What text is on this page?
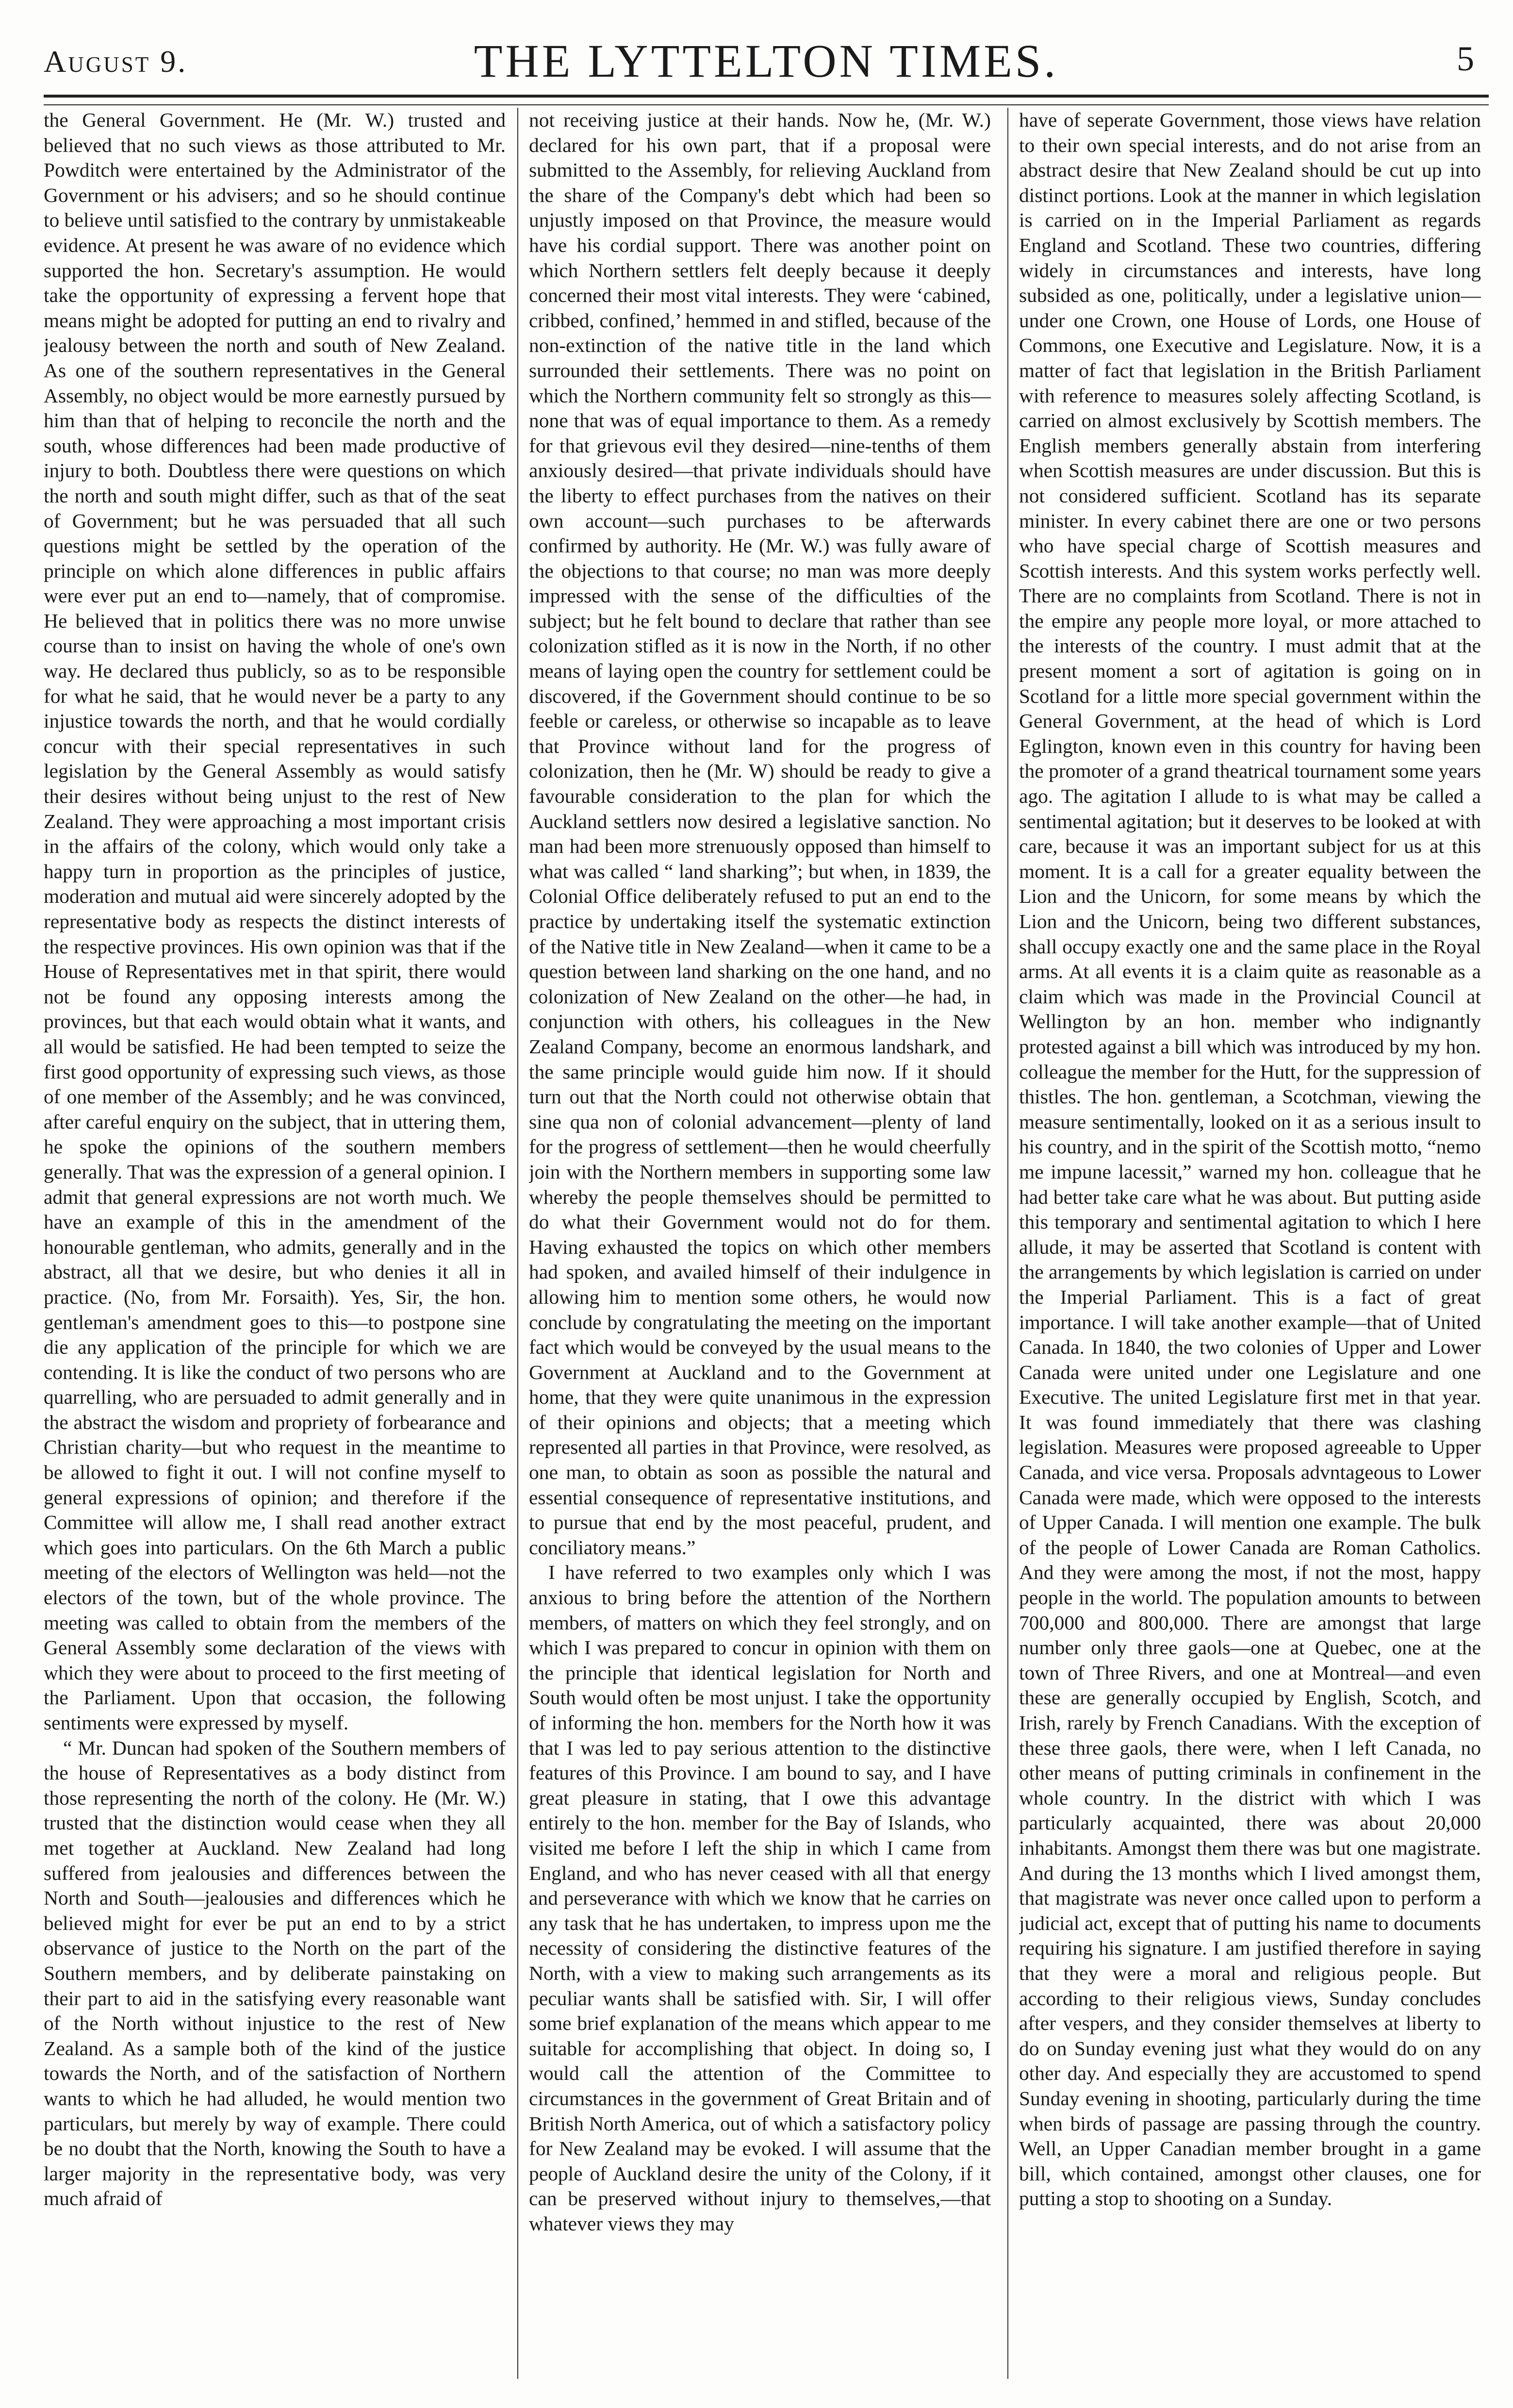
August 9.	THE LYTTELTON TIMES.	5

the General Government. He (Mr. W.) trusted and believed that no such views as those attributed to Mr. Powditch were entertained by the Administrator of the Government or his advisers; and so he should continue to believe until satisfied to the contrary by unmistakeable evidence. At present he was aware of no evidence which supported the hon. Secretary's assumption. He would take the opportunity of expressing a fervent hope that means might be adopted for putting an end to rivalry and jealousy between the north and south of New Zealand. As one of the southern representatives in the General Assembly, no object would be more earnestly pursued by him than that of helping to reconcile the north and the south, whose differences had been made productive of injury to both. Doubtless there were questions on which the north and south might differ, such as that of the seat of Government; but he was persuaded that all such questions might be settled by the operation of the principle on which alone differences in public affairs were ever put an end to—namely, that of compromise. He believed that in politics there was no more unwise course than to insist on having the whole of one's own way. He declared thus publicly, so as to be responsible for what he said, that he would never be a party to any injustice towards the north, and that he would cordially concur with their special representatives in such legislation by the General Assembly as would satisfy their desires without being unjust to the rest of New Zealand. They were approaching a most important crisis in the affairs of the colony, which would only take a happy turn in proportion as the principles of justice, moderation and mutual aid were sincerely adopted by the representative body as respects the distinct interests of the respective provinces. His own opinion was that if the House of Representatives met in that spirit, there would not be found any opposing interests among the provinces, but that each would obtain what it wants, and all would be satisfied. He had been tempted to seize the first good opportunity of expressing such views, as those of one member of the Assembly; and he was convinced, after careful enquiry on the subject, that in uttering them, he spoke the opinions of the southern members generally. That was the expression of a general opinion. I admit that general expressions are not worth much. We have an example of this in the amendment of the honourable gentleman, who admits, generally and in the abstract, all that we desire, but who denies it all in practice. (No, from Mr. Forsaith). Yes, Sir, the hon. gentleman's amendment goes to this—to postpone sine die any application of the principle for which we are contending. It is like the conduct of two persons who are quarrelling, who are persuaded to admit generally and in the abstract the wisdom and propriety of forbearance and Christian charity—but who request in the meantime to be allowed to fight it out. I will not confine myself to general expressions of opinion; and therefore if the Committee will allow me, I shall read another extract which goes into particulars. On the 6th March a public meeting of the electors of Wellington was held—not the electors of the town, but of the whole province. The meeting was called to obtain from the members of the General Assembly some declaration of the views with which they were about to proceed to the first meeting of the Parliament. Upon that occasion, the following sentiments were expressed by myself.

“ Mr. Duncan had spoken of the Southern members of the house of Representatives as a body distinct from those representing the north of the colony. He (Mr. W.) trusted that the distinction would cease when they all met together at Auckland. New Zealand had long suffered from jealousies and differences between the North and South—jealousies and differences which he believed might for ever be put an end to by a strict observance of justice to the North on the part of the Southern members, and by deliberate painstaking on their part to aid in the satisfying every reasonable want of the North without injustice to the rest of New Zealand. As a sample both of the kind of the justice towards the North, and of the satisfaction of Northern wants to which he had alluded, he would mention two particulars, but merely by way of example. There could be no doubt that the North, knowing the South to have a larger majority in the representative body, was very much afraid of

not receiving justice at their hands. Now he, (Mr. W.) declared for his own part, that if a proposal were submitted to the Assembly, for relieving Auckland from the share of the Company's debt which had been so unjustly imposed on that Province, the measure would have his cordial support. There was another point on which Northern settlers felt deeply because it deeply concerned their most vital interests. They were ‘cabined, cribbed, confined,’ hemmed in and stifled, because of the non-extinction of the native title in the land which surrounded their settlements. There was no point on which the Northern community felt so strongly as this—none that was of equal importance to them. As a remedy for that grievous evil they desired—nine-tenths of them anxiously desired—that private individuals should have the liberty to effect purchases from the natives on their own account—such purchases to be afterwards confirmed by authority. He (Mr. W.) was fully aware of the objections to that course; no man was more deeply impressed with the sense of the difficulties of the subject; but he felt bound to declare that rather than see colonization stifled as it is now in the North, if no other means of laying open the country for settlement could be discovered, if the Government should continue to be so feeble or careless, or otherwise so incapable as to leave that Province without land for the progress of colonization, then he (Mr. W) should be ready to give a favourable consideration to the plan for which the Auckland settlers now desired a legislative sanction. No man had been more strenuously opposed than himself to what was called “ land sharking”; but when, in 1839, the Colonial Office deliberately refused to put an end to the practice by undertaking itself the systematic extinction of the Native title in New Zealand—when it came to be a question between land sharking on the one hand, and no colonization of New Zealand on the other—he had, in conjunction with others, his colleagues in the New Zealand Company, become an enormous landshark, and the same principle would guide him now. If it should turn out that the North could not otherwise obtain that sine qua non of colonial advancement—plenty of land for the progress of settlement—then he would cheerfully join with the Northern members in supporting some law whereby the people themselves should be permitted to do what their Government would not do for them. Having exhausted the topics on which other members had spoken, and availed himself of their indulgence in allowing him to mention some others, he would now conclude by congratulating the meeting on the important fact which would be conveyed by the usual means to the Government at Auckland and to the Government at home, that they were quite unanimous in the expression of their opinions and objects; that a meeting which represented all parties in that Province, were resolved, as one man, to obtain as soon as possible the natural and essential consequence of representative institutions, and to pursue that end by the most peaceful, prudent, and conciliatory means.”

I have referred to two examples only which I was anxious to bring before the attention of the Northern members, of matters on which they feel strongly, and on which I was prepared to concur in opinion with them on the principle that identical legislation for North and South would often be most unjust. I take the opportunity of informing the hon. members for the North how it was that I was led to pay serious attention to the distinctive features of this Province. I am bound to say, and I have great pleasure in stating, that I owe this advantage entirely to the hon. member for the Bay of Islands, who visited me before I left the ship in which I came from England, and who has never ceased with all that energy and perseverance with which we know that he carries on any task that he has undertaken, to impress upon me the necessity of considering the distinctive features of the North, with a view to making such arrangements as its peculiar wants shall be satisfied with. Sir, I will offer some brief explanation of the means which appear to me suitable for accomplishing that object. In doing so, I would call the attention of the Committee to circumstances in the government of Great Britain and of British North America, out of which a satisfactory policy for New Zealand may be evoked. I will assume that the people of Auckland desire the unity of the Colony, if it can be preserved without injury to themselves,—that whatever views they may

have of seperate Government, those views have relation to their own special interests, and do not arise from an abstract desire that New Zealand should be cut up into distinct portions. Look at the manner in which legislation is carried on in the Imperial Parliament as regards England and Scotland. These two countries, differing widely in circumstances and interests, have long subsided as one, politically, under a legislative union—under one Crown, one House of Lords, one House of Commons, one Executive and Legislature. Now, it is a matter of fact that legislation in the British Parliament with reference to measures solely affecting Scotland, is carried on almost exclusively by Scottish members. The English members generally abstain from interfering when Scottish measures are under discussion. But this is not considered sufficient. Scotland has its separate minister. In every cabinet there are one or two persons who have special charge of Scottish measures and Scottish interests. And this system works perfectly well. There are no complaints from Scotland. There is not in the empire any people more loyal, or more attached to the interests of the country. I must admit that at the present moment a sort of agitation is going on in Scotland for a little more special government within the General Government, at the head of which is Lord Eglington, known even in this country for having been the promoter of a grand theatrical tournament some years ago. The agitation I allude to is what may be called a sentimental agitation; but it deserves to be looked at with care, because it was an important subject for us at this moment. It is a call for a greater equality between the Lion and the Unicorn, for some means by which the Lion and the Unicorn, being two different substances, shall occupy exactly one and the same place in the Royal arms. At all events it is a claim quite as reasonable as a claim which was made in the Provincial Council at Wellington by an hon. member who indignantly protested against a bill which was introduced by my hon. colleague the member for the Hutt, for the suppression of thistles. The hon. gentleman, a Scotchman, viewing the measure sentimentally, looked on it as a serious insult to his country, and in the spirit of the Scottish motto, “nemo me impune lacessit,” warned my hon. colleague that he had better take care what he was about. But putting aside this temporary and sentimental agitation to which I here allude, it may be asserted that Scotland is content with the arrangements by which legislation is carried on under the Imperial Parliament. This is a fact of great importance. I will take another example—that of United Canada. In 1840, the two colonies of Upper and Lower Canada were united under one Legislature and one Executive. The united Legislature first met in that year. It was found immediately that there was clashing legislation. Measures were proposed agreeable to Upper Canada, and vice versa. Proposals advntageous to Lower Canada were made, which were opposed to the interests of Upper Canada. I will mention one example. The bulk of the people of Lower Canada are Roman Catholics. And they were among the most, if not the most, happy people in the world. The population amounts to between 700,000 and 800,000. There are amongst that large number only three gaols—one at Quebec, one at the town of Three Rivers, and one at Montreal—and even these are generally occupied by English, Scotch, and Irish, rarely by French Canadians. With the exception of these three gaols, there were, when I left Canada, no other means of putting criminals in confinement in the whole country. In the district with which I was particularly acquainted, there was about 20,000 inhabitants. Amongst them there was but one magistrate. And during the 13 months which I lived amongst them, that magistrate was never once called upon to perform a judicial act, except that of putting his name to documents requiring his signature. I am justified therefore in saying that they were a moral and religious people. But according to their religious views, Sunday concludes after vespers, and they consider themselves at liberty to do on Sunday evening just what they would do on any other day. And especially they are accustomed to spend Sunday evening in shooting, particularly during the time when birds of passage are passing through the country. Well, an Upper Canadian member brought in a game bill, which contained, amongst other clauses, one for putting a stop to shooting on a Sunday.
